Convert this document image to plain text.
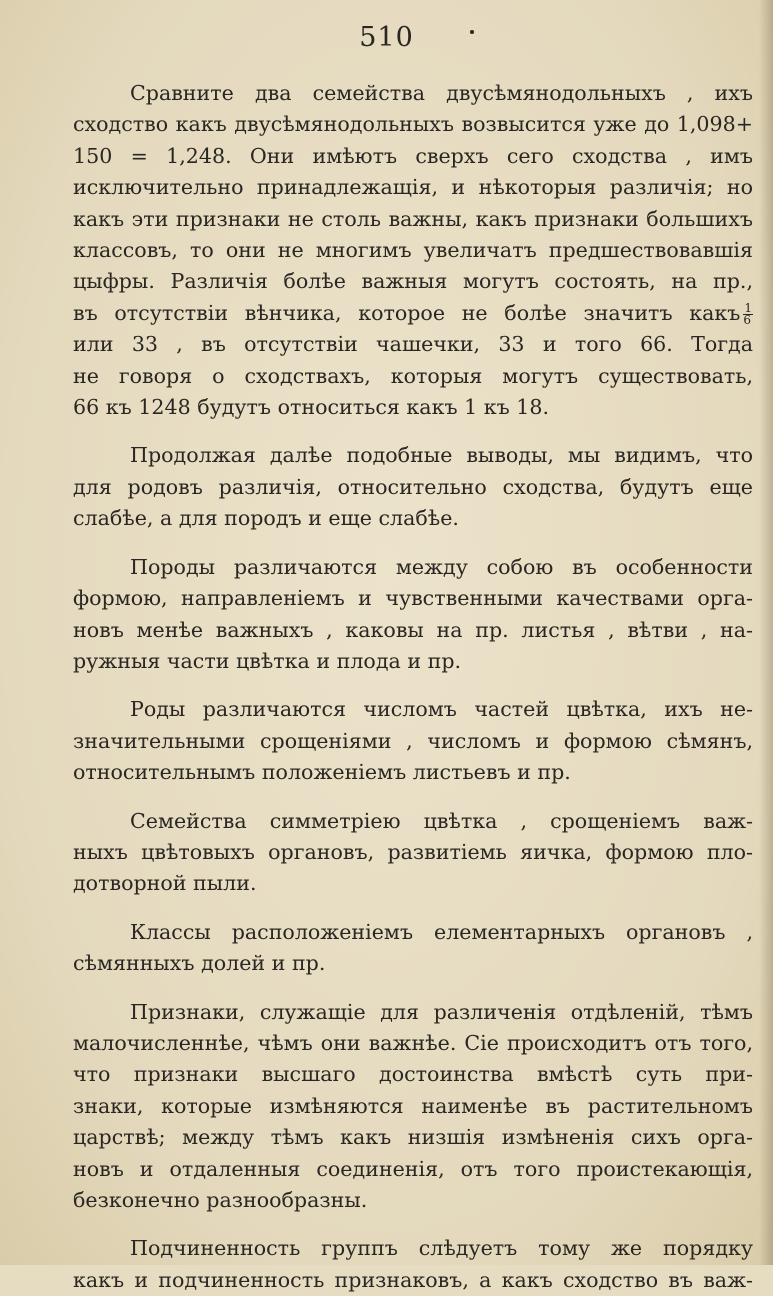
510
Сравните два семейства двусѣмянодольныхъ , ихъ
сходство какъ двусѣмянодольныхъ возвысится уже до 1,098+
150 = 1,248. Они имѣютъ сверхъ сего сходства , имъ
исключительно принадлежащія, и нѣкоторыя различія; но
какъ эти признаки не столь важны, какъ признаки большихъ
классовъ, то они не многимъ увеличатъ предшествовавшія
цыфры. Различія болѣе важныя могутъ состоять, на пр.,
въ отсутствіи вѣнчика, которое не болѣе значитъ какъ $\frac{1}{6}$
или 33 , въ отсутствіи чашечки, 33 и того 66. Тогда
не говоря о сходствахъ, которыя могутъ существовать,
66 къ 1248 будутъ относиться какъ 1 къ 18.
Продолжая далѣе подобные выводы, мы видимъ, что
для родовъ различія, относительно сходства, будутъ еще
слабѣе, а для породъ и еще слабѣе.
Породы различаются между собою въ особенности
формою, направленіемъ и чувственными качествами орга-
новъ менѣе важныхъ , каковы на пр. листья , вѣтви , на-
ружныя части цвѣтка и плода и пр.
Роды различаются числомъ частей цвѣтка, ихъ не-
значительными срощеніями , числомъ и формою сѣмянъ,
относительнымъ положеніемъ листьевъ и пр.
Семейства симметріею цвѣтка , срощеніемъ важ-
ныхъ цвѣтовыхъ органовъ, развитіемь яичка, формою пло-
дотворной пыли.
Классы расположеніемъ елементарныхъ органовъ ,
сѣмянныхъ долей и пр.
Признаки, служащіе для различенія отдѣленій, тѣмъ
малочисленнѣе, чѣмъ они важнѣе. Сіе происходитъ отъ того,
что признаки высшаго достоинства вмѣстѣ суть при-
знаки, которые измѣняются наименѣе въ растительномъ
царствѣ; между тѣмъ какъ низшія измѣненія сихъ орга-
новъ и отдаленныя соединенія, отъ того проистекающія,
безконечно разнообразны.
Подчиненность группъ слѣдуетъ тому же порядку
какъ и подчиненность признаковъ, а какъ сходство въ важ-
